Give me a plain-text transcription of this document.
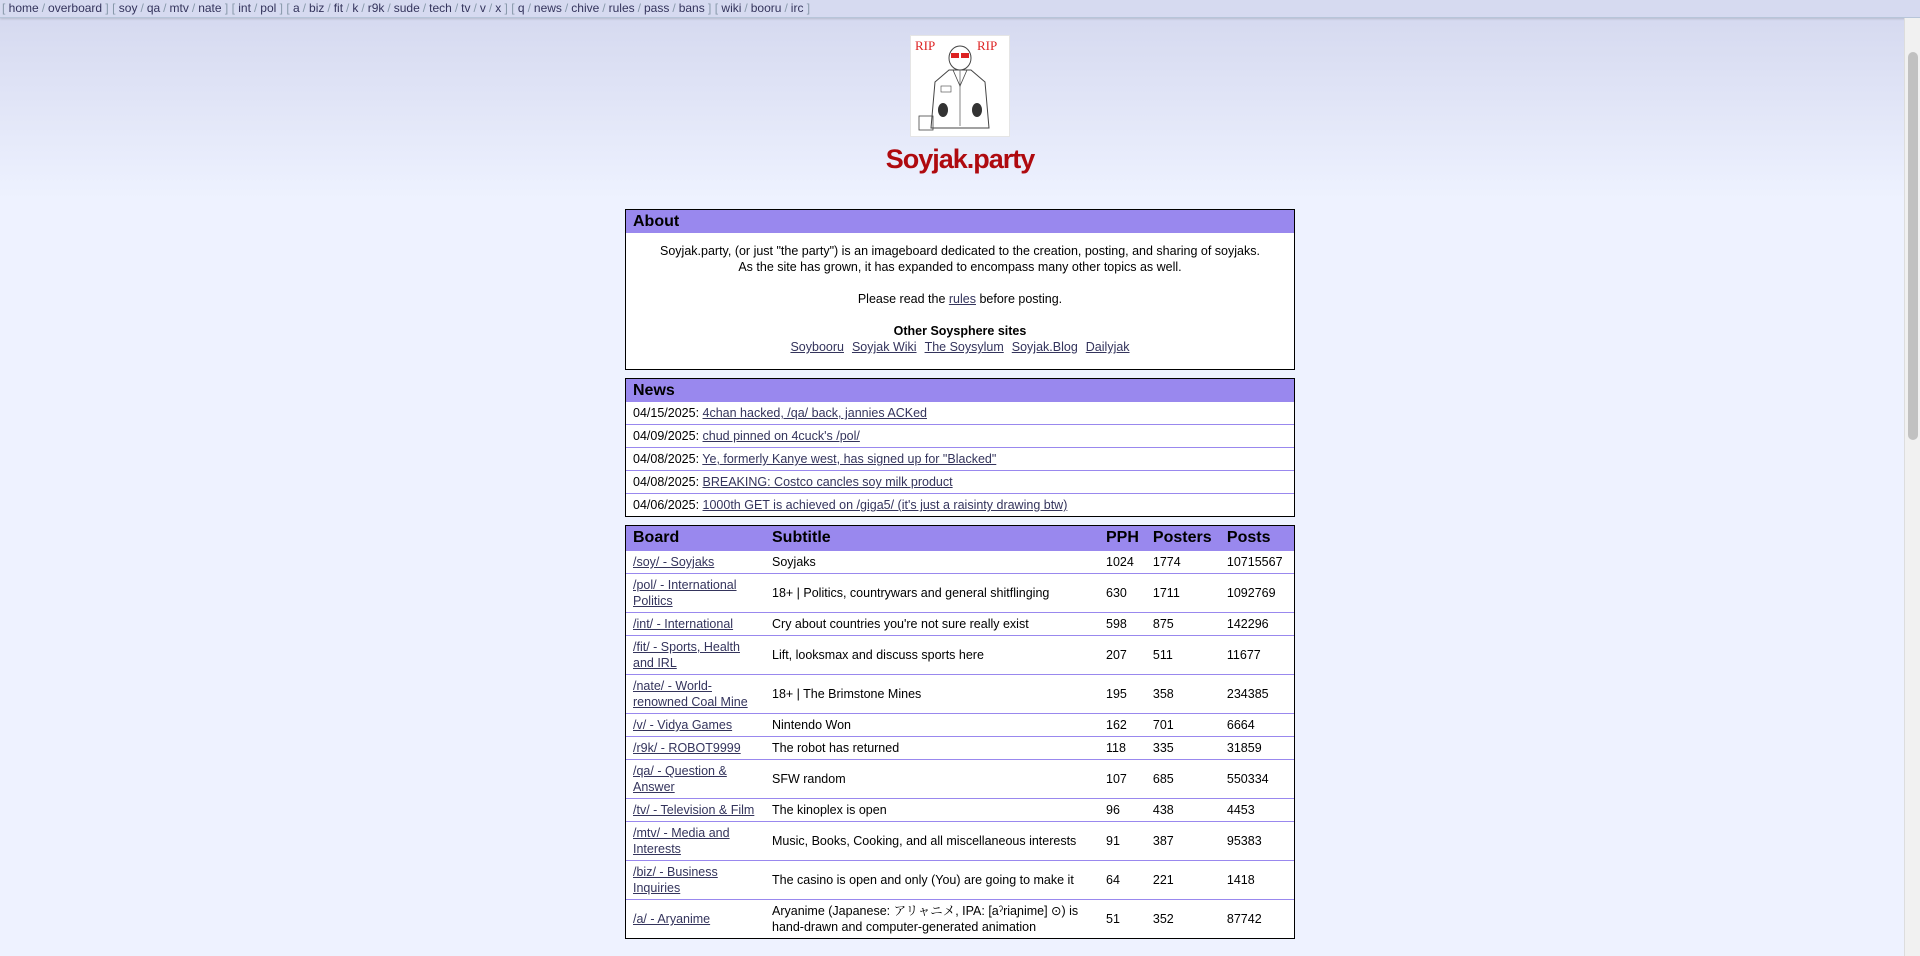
[ home / overboard ] [ soy / qa / mtv / nate ] [ int / pol ] [ a / biz / fit / k / r9k / sude / tech / tv / v / x ] [ q / news / chive / rules / pass / bans ] [ wiki / booru / irc ]
RIP	RIP
Soyjak.party
About

Soyjak.party, (or just "the party") is an imageboard dedicated to the creation, posting, and sharing of soyjaks. As the site has grown, it has expanded to encompass many other topics as well.

Please read the rules before posting.

Other Soysphere sites
Soybooru Soyjak Wiki The Soysylum Soyjak.Blog Dailyjak
News
04/15/2025: 4chan hacked, /qa/ back, jannies ACKed
04/09/2025: chud pinned on 4cuck's /pol/
04/08/2025: Ye, formerly Kanye west, has signed up for "Blacked"
04/08/2025: BREAKING: Costco cancles soy milk product
04/06/2025: 1000th GET is achieved on /giga5/ (it's just a raisinty drawing btw)
Board	Subtitle	PPH	Posters	Posts
/soy/ - Soyjaks	Soyjaks	1024	1774	10715567
/pol/ - International Politics	18+ | Politics, countrywars and general shitflinging	630	1711	1092769
/int/ - International	Cry about countries you're not sure really exist	598	875	142296
/fit/ - Sports, Health and IRL	Lift, looksmax and discuss sports here	207	511	11677
/nate/ - World-renowned Coal Mine	18+ | The Brimstone Mines	195	358	234385
/v/ - Vidya Games	Nintendo Won	162	701	6664
/r9k/ - ROBOT9999	The robot has returned	118	335	31859
/qa/ - Question & Answer	SFW random	107	685	550334
/tv/ - Television & Film	The kinoplex is open	96	438	4453
/mtv/ - Media and Interests	Music, Books, Cooking, and all miscellaneous interests	91	387	95383
/biz/ - Business Inquiries	The casino is open and only (You) are going to make it	64	221	1418
/a/ - Aryanime	Aryanime (Japanese: アリャニメ, IPA: [aˀriaɲime] ⊙) is hand-drawn and computer-generated animation	51	352	87742
